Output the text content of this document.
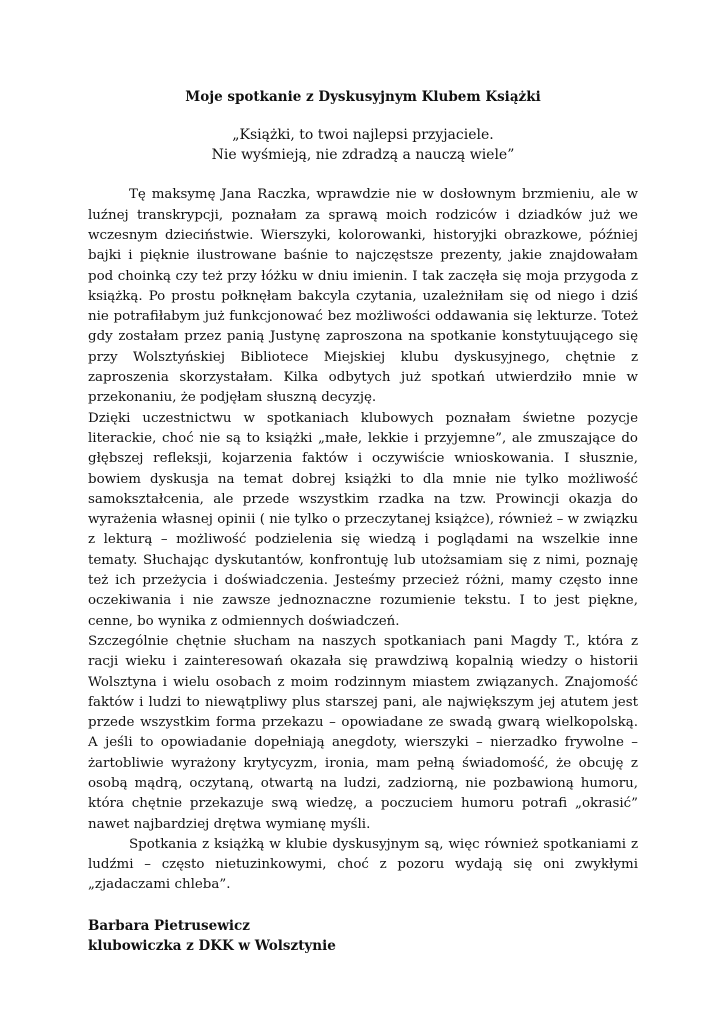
Moje spotkanie z Dyskusyjnym Klubem Książki
„Książki, to twoi najlepsi przyjaciele.
Nie wyśmieją, nie zdradzą a nauczą wiele”

Tę maksymę Jana Raczka, wprawdzie nie w dosłownym brzmieniu, ale w luźnej transkrypcji, poznałam za sprawą moich rodziców i dziadków już we wczesnym dzieciństwie. Wierszyki, kolorowanki, historyjki obrazkowe, później bajki i pięknie ilustrowane baśnie to najczęstsze prezenty, jakie znajdowałam pod choinką czy też przy łóżku w dniu imienin. I tak zaczęła się moja przygoda z książką. Po prostu połknęłam bakcyla czytania, uzależniłam się od niego i dziś nie potrafiłabym już funkcjonować bez możliwości oddawania się lekturze. Toteż gdy zostałam przez panią Justynę zaproszona na spotkanie konstytuującego się przy Wolsztyńskiej Bibliotece Miejskiej klubu dyskusyjnego, chętnie z zaproszenia skorzystałam. Kilka odbytych już spotkań utwierdziło mnie w przekonaniu, że podjęłam słuszną decyzję.

Dzięki uczestnictwu w spotkaniach klubowych poznałam świetne pozycje literackie, choć nie są to książki „małe, lekkie i przyjemne”, ale zmuszające do głębszej refleksji, kojarzenia faktów i oczywiście wnioskowania. I słusznie, bowiem dyskusja na temat dobrej książki to dla mnie nie tylko możliwość samokształcenia, ale przede wszystkim rzadka na tzw. Prowincji okazja do wyrażenia własnej opinii ( nie tylko o przeczytanej książce), również – w związku z lekturą – możliwość podzielenia się wiedzą i poglądami na wszelkie inne tematy. Słuchając dyskutantów, konfrontuję lub utożsamiam się z nimi, poznaję też ich przeżycia i doświadczenia. Jesteśmy przecież różni, mamy często inne oczekiwania i nie zawsze jednoznaczne rozumienie tekstu. I to jest piękne, cenne, bo wynika z odmiennych doświadczeń.

Szczególnie chętnie słucham na naszych spotkaniach pani Magdy T., która z racji wieku i zainteresowań okazała się prawdziwą kopalnią wiedzy o historii Wolsztyna i wielu osobach z moim rodzinnym miastem związanych. Znajomość faktów i ludzi to niewątpliwy plus starszej pani, ale największym jej atutem jest przede wszystkim forma przekazu – opowiadane ze swadą gwarą wielkopolską. A jeśli to opowiadanie dopełniają anegdoty, wierszyki – nierzadko frywolne – żartobliwie wyrażony krytycyzm, ironia, mam pełną świadomość, że obcuję z osobą mądrą, oczytaną, otwartą na ludzi, zadziorną, nie pozbawioną humoru, która chętnie przekazuje swą wiedzę, a poczuciem humoru potrafi „okrasić” nawet najbardziej drętwa wymianę myśli.

Spotkania z książką w klubie dyskusyjnym są, więc również spotkaniami z ludźmi – często nietuzinkowymi, choć z pozoru wydają się oni zwykłymi „zjadaczami chleba”.

Barbara Pietrusewicz
klubowiczka z DKK w Wolsztynie
